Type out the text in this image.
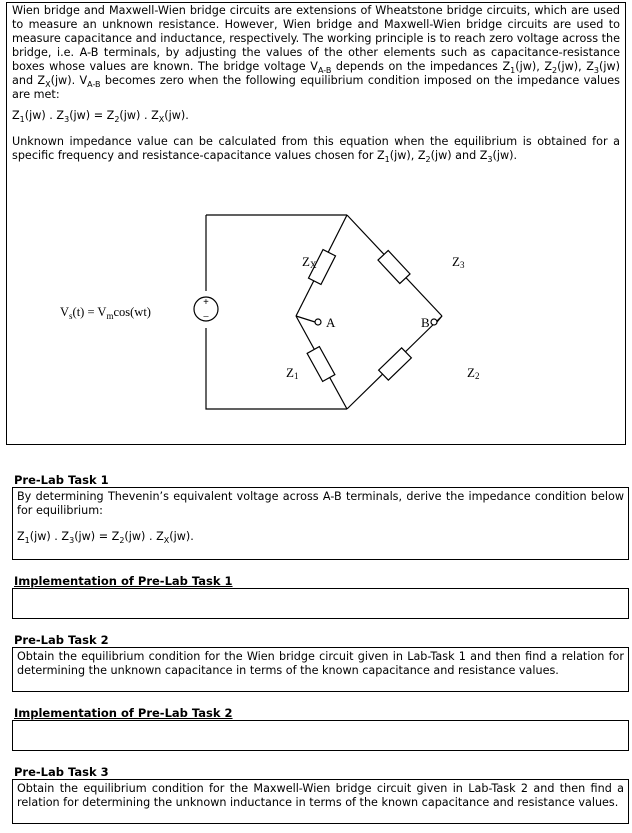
Wien bridge and Maxwell-Wien bridge circuits are extensions of Wheatstone bridge circuits, which are used to measure an unknown resistance. However, Wien bridge and Maxwell-Wien bridge circuits are used to measure capacitance and inductance, respectively. The working principle is to reach zero voltage across the bridge, i.e. A-B terminals, by adjusting the values of the other elements such as capacitance-resistance boxes whose values are known. The bridge voltage $V_{A-B}$ depends on the impedances $Z_1(jw)$, $Z_2(jw)$, $Z_3(jw)$ and $Z_X(jw)$. $V_{A-B}$ becomes zero when the following equilibrium condition imposed on the impedance values are met:

$Z_1(jw)$ . $Z_3(jw) = Z_2(jw)$ . $Z_X(jw)$.

Unknown impedance value can be calculated from this equation when the equilibrium is obtained for a specific frequency and resistance-capacitance values chosen for $Z_1(jw)$, $Z_2(jw)$ and $Z_3(jw)$.

+
−
$V_s(t) = V_m\cos(wt)$
ZX	Z3
Z1	Z2
A	B
Pre-Lab Task 1

By determining Thevenin’s equivalent voltage across A-B terminals, derive the impedance condition below for equilibrium:

$Z_1(jw)$ . $Z_3(jw) = Z_2(jw)$ . $Z_X(jw)$.

Implementation of Pre-Lab Task 1
Pre-Lab Task 2

Obtain the equilibrium condition for the Wien bridge circuit given in Lab-Task 1 and then find a relation for determining the unknown capacitance in terms of the known capacitance and resistance values.

Implementation of Pre-Lab Task 2
Pre-Lab Task 3

Obtain the equilibrium condition for the Maxwell-Wien bridge circuit given in Lab-Task 2 and then find a relation for determining the unknown inductance in terms of the known capacitance and resistance values.
